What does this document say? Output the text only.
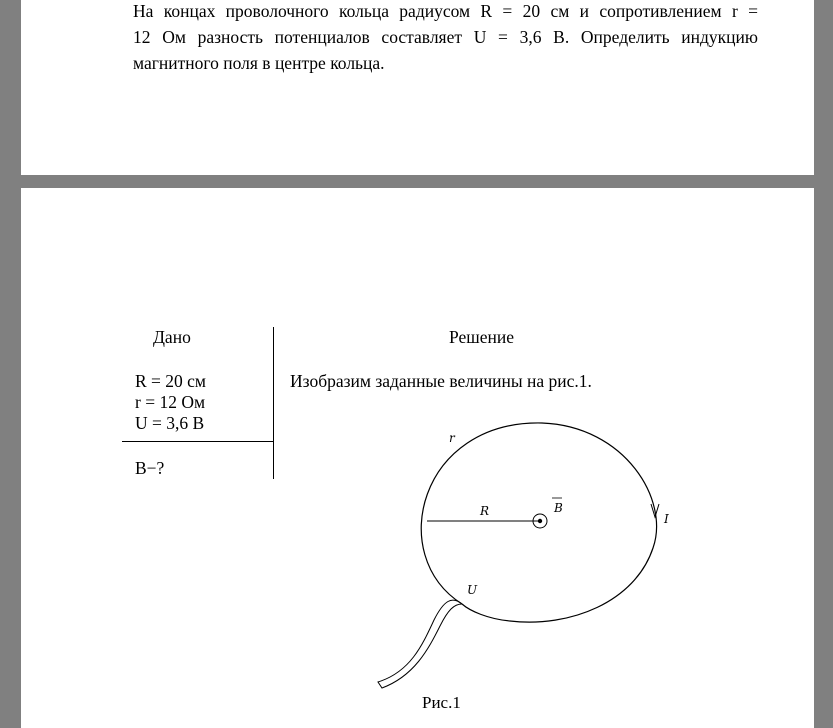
На концах проволочного кольца радиусом R = 20 см и сопротивлением r =
12 Ом разность потенциалов составляет U = 3,6 В. Определить индукцию
магнитного поля в центре кольца.

Дано	Решение
R = 20 см
r = 12 Ом
U = 3,6 В
B−?
Изобразим заданные величины на рис.1.
r
R	B
I
U
Рис.1
